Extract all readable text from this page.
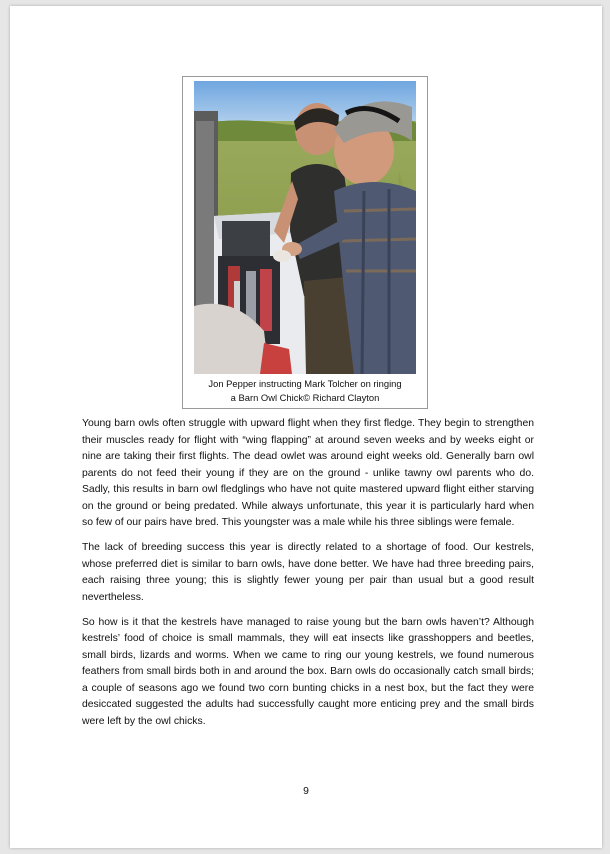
Jon Pepper instructing Mark Tolcher on ringing
a Barn Owl Chick© Richard Clayton

Young barn owls often struggle with upward flight when they first fledge. They begin to strengthen their muscles ready for flight with “wing flapping” at around seven weeks and by weeks eight or nine are taking their first flights. The dead owlet was around eight weeks old. Generally barn owl parents do not feed their young if they are on the ground - unlike tawny owl parents who do. Sadly, this results in barn owl fledglings who have not quite mastered upward flight either starving on the ground or being predated. While always unfortunate, this year it is particularly hard when so few of our pairs have bred. This youngster was a male while his three siblings were female.

The lack of breeding success this year is directly related to a shortage of food. Our kestrels, whose preferred diet is similar to barn owls, have done better. We have had three breeding pairs, each raising three young; this is slightly fewer young per pair than usual but a good result nevertheless.

So how is it that the kestrels have managed to raise young but the barn owls haven’t? Although kestrels’ food of choice is small mammals, they will eat insects like grasshoppers and beetles, small birds, lizards and worms. When we came to ring our young kestrels, we found numerous feathers from small birds both in and around the box. Barn owls do occasionally catch small birds; a couple of seasons ago we found two corn bunting chicks in a nest box, but the fact they were desiccated suggested the adults had successfully caught more enticing prey and the small birds were left by the owl chicks.

9
